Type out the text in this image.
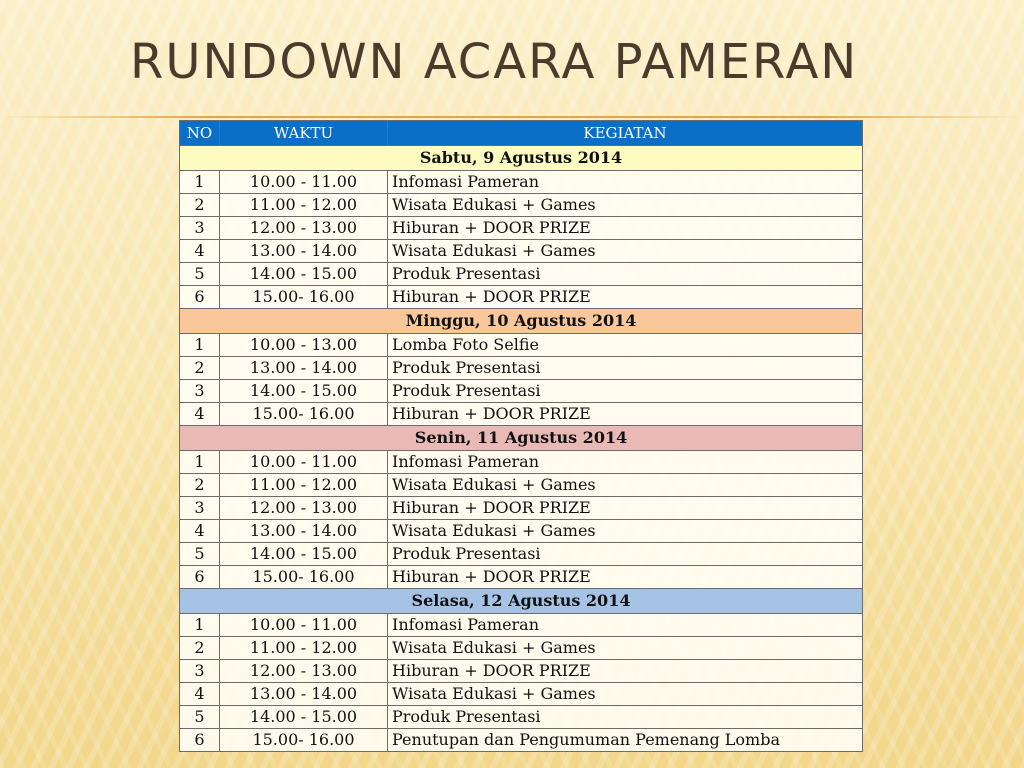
RUNDOWN ACARA PAMERAN
NO	WAKTU	KEGIATAN
Sabtu, 9 Agustus 2014		
1	10.00 - 11.00	Infomasi Pameran
2	11.00 - 12.00	Wisata Edukasi + Games
3	12.00 - 13.00	Hiburan + DOOR PRIZE
4	13.00 - 14.00	Wisata Edukasi + Games
5	14.00 - 15.00	Produk Presentasi
6	15.00- 16.00	Hiburan + DOOR PRIZE
Minggu, 10 Agustus 2014		
1	10.00 - 13.00	Lomba Foto Selfie
2	13.00 - 14.00	Produk Presentasi
3	14.00 - 15.00	Produk Presentasi
4	15.00- 16.00	Hiburan + DOOR PRIZE
Senin, 11 Agustus 2014		
1	10.00 - 11.00	Infomasi Pameran
2	11.00 - 12.00	Wisata Edukasi + Games
3	12.00 - 13.00	Hiburan + DOOR PRIZE
4	13.00 - 14.00	Wisata Edukasi + Games
5	14.00 - 15.00	Produk Presentasi
6	15.00- 16.00	Hiburan + DOOR PRIZE
Selasa, 12 Agustus 2014		
1	10.00 - 11.00	Infomasi Pameran
2	11.00 - 12.00	Wisata Edukasi + Games
3	12.00 - 13.00	Hiburan + DOOR PRIZE
4	13.00 - 14.00	Wisata Edukasi + Games
5	14.00 - 15.00	Produk Presentasi
6	15.00- 16.00	Penutupan dan Pengumuman Pemenang Lomba
